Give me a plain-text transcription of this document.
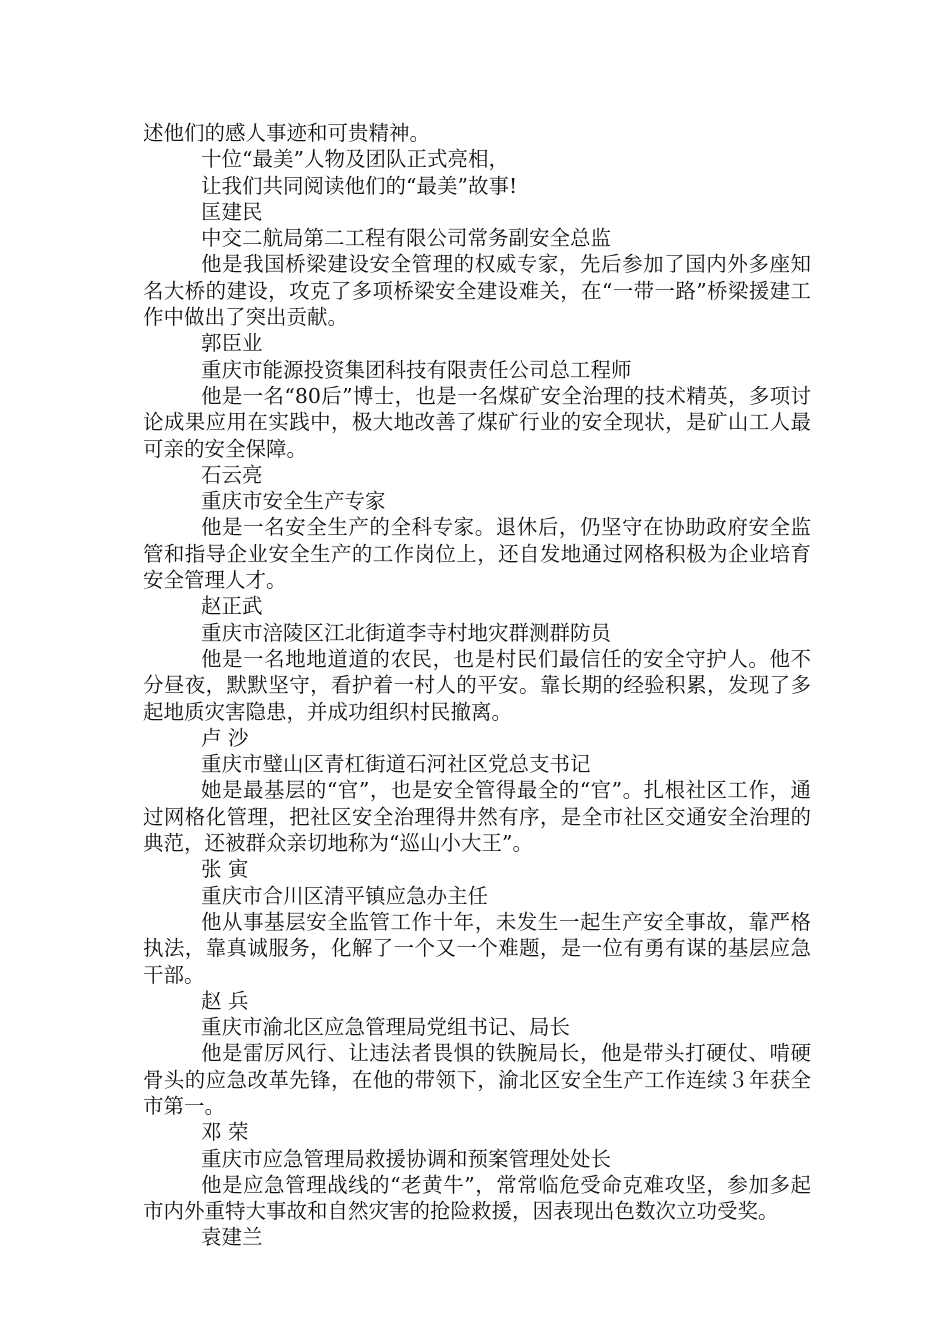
述他们的感人事迹和可贵精神。
十位“最美”人物及团队正式亮相，
让我们共同阅读他们的“最美”故事!
匡建民
中交二航局第二工程有限公司常务副安全总监

他是我国桥梁建设安全管理的权威专家，先后参加了国内外多座知名大桥的建设，攻克了多项桥梁安全建设难关，在“一带一路”桥梁援建工作中做出了突出贡献。

郭臣业
重庆市能源投资集团科技有限责任公司总工程师

他是一名“80后”博士，也是一名煤矿安全治理的技术精英，多项讨论成果应用在实践中，极大地改善了煤矿行业的安全现状，是矿山工人最可亲的安全保障。

石云亮
重庆市安全生产专家

他是一名安全生产的全科专家。退休后，仍坚守在协助政府安全监管和指导企业安全生产的工作岗位上，还自发地通过网格积极为企业培育安全管理人才。

赵正武
重庆市涪陵区江北街道李寺村地灾群测群防员

他是一名地地道道的农民，也是村民们最信任的安全守护人。他不分昼夜，默默坚守，看护着一村人的平安。靠长期的经验积累，发现了多起地质灾害隐患，并成功组织村民撤离。

卢 沙
重庆市璧山区青杠街道石河社区党总支书记

她是最基层的“官”，也是安全管得最全的“官”。扎根社区工作，通过网格化管理，把社区安全治理得井然有序，是全市社区交通安全治理的典范，还被群众亲切地称为“巡山小大王”。

张 寅
重庆市合川区清平镇应急办主任

他从事基层安全监管工作十年，未发生一起生产安全事故，靠严格执法，靠真诚服务，化解了一个又一个难题，是一位有勇有谋的基层应急干部。

赵 兵
重庆市渝北区应急管理局党组书记、局长

他是雷厉风行、让违法者畏惧的铁腕局长，他是带头打硬仗、啃硬骨头的应急改革先锋，在他的带领下，渝北区安全生产工作连续３年获全市第一。

邓 荣
重庆市应急管理局救援协调和预案管理处处长

他是应急管理战线的“老黄牛”，常常临危受命克难攻坚，参加多起市内外重特大事故和自然灾害的抢险救援，因表现出色数次立功受奖。

袁建兰
